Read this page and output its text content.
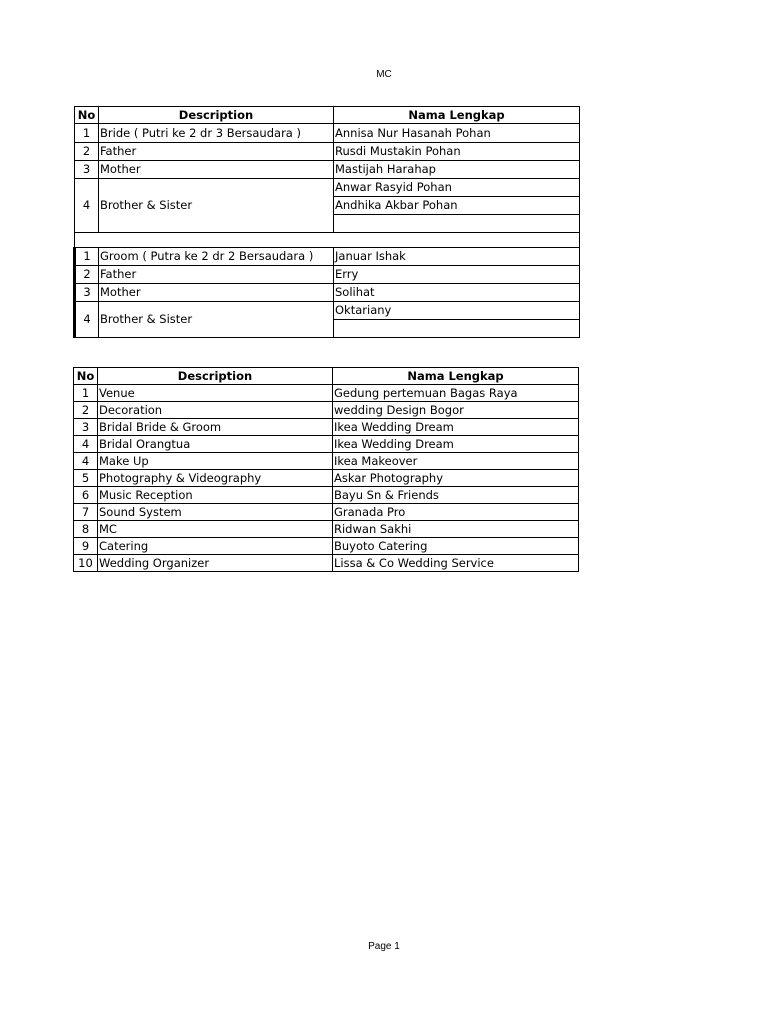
MC
No	Description	Nama Lengkap
1	Bride ( Putri ke 2 dr 3 Bersaudara )	Annisa Nur Hasanah Pohan
2	Father	Rusdi Mustakin Pohan
3	Mother	Mastijah Harahap
4	Brother & Sister	Anwar Rasyid Pohan
Andhika Akbar Pohan

1	Groom ( Putra ke 2 dr 2 Bersaudara )	Januar Ishak
2	Father	Erry
3	Mother	Solihat
4	Brother & Sister	Oktariany
No	Description	Nama Lengkap
1	Venue	Gedung pertemuan Bagas Raya
2	Decoration	wedding Design Bogor
3	Bridal Bride & Groom	Ikea Wedding Dream
4	Bridal Orangtua	Ikea Wedding Dream
4	Make Up	Ikea Makeover
5	Photography & Videography	Askar Photography
6	Music Reception	Bayu Sn & Friends
7	Sound System	Granada Pro
8	MC	Ridwan Sakhi
9	Catering	Buyoto Catering
10	Wedding Organizer	Lissa & Co Wedding Service
Page 1
